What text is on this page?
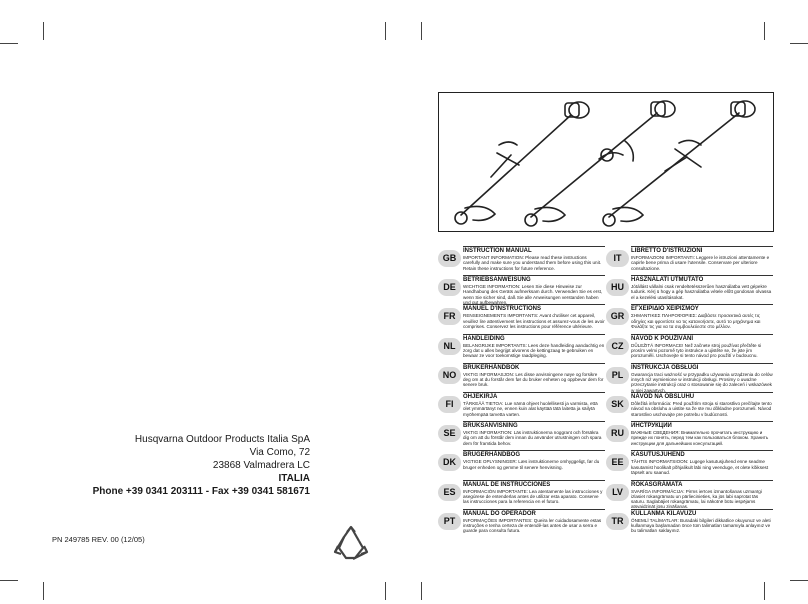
Husqvarna Outdoor Products Italia SpA
Via Como, 72
23868 Valmadrera LC
ITALIA
Phone +39 0341 203111 - Fax +39 0341 581671
PN 249785 REV. 00 (12/05)
GB
INSTRUCTION MANUAL
IMPORTANT INFORMATION: Please read these instructions carefully and make sure you understand them before using this unit. Retain these instructions for future reference.
DE
BETRIEBSANWEISUNG
WICHTIGE INFORMATION: Lesen Sie diese Hinweise zur Handhabung des Geräts aufmerksam durch. Verwenden Sie es erst, wenn Sie sicher sind, daß Sie alle Anweisungen verstanden haben und gut aufbewahren.
FR
MANUEL D'INSTRUCTIONS
RENSEIGNEMENTS IMPORTANTS: Avant d'utiliser cet appareil, veuillez lire attentivement les instructions et assurez-vous de les avoir comprises. Conservez les instructions pour référence ultérieure.
NL
HANDLEIDING
BELANGRIJKE IMPORTANTS: Lees deze handleiding aandachtig en zorg dat u alles begrijpt alvorens de kettingzaag te gebruiken en bewaar ze voor toekomstige raadpleging.
NO
BRUKERHÅNDBOK
VIKTIG INFORMASJON: Les disse anvisningene nøye og forsikre deg om at du forstår dem før du bruker enheten og oppbevar dem for senere bruk.
FI
OHJEKIRJA
TÄRKEÄÄ TIETOA: Lue nämä ohjeet huolellisesti ja varmista, että olet ymmärtänyt ne, ennen kuin alat käyttää tätä laitetta ja säilytä myöhempää tarvetta varten.
SE
BRUKSANVISNING
VIKTIG INFORMATION: Läs instruktionerna noggrant och försäkra dig om att du förstår dem innan du använder utrustningen och spara dem för framtida behov.
DK
BRUGERHÅNDBOG
VIGTIGE OPLYSNINGER: Læs instruktionerne omhyggeligt, før du bruger enheden og gemme til senere henvisning.
ES
MANUAL DE INSTRUCCIONES
INFORMACIÓN IMPORTANTE: Lea atentamente las instrucciones y asegúrese de entenderlas antes de utilizar esta aparato. Conserve las instrucciones para la referencia en el futuro.
PT
MANUAL DO OPERADOR
INFORMAÇÕES IMPORTANTES: Queira ler cuidadosamente estas instruções e tenha certeza de entendê-las antes de usar a serra e guarde para consulta futura.
IT
LIBRETTO D'ISTRUZIONI
INFORMAZIONI IMPORTANTI: Leggere le istruzioni attentamente e capirle bene prima di usare l'utensile. Conservare per ulteriore consultazione.
HU
HASZNÁLATI UTMUTATÓ
Jótállást vállalni csak rendeltetésszerűen használatba vett gépekre tudunk. Kérj ü hogy a gép használatba vétele előtt gondosan olvassa el a kezelési utasításokat.
GR
ΕΓΧΕΙΡΙΔΙΟ ΧΕΙΡΙΣΜΟΥ
ΣΗΜΑΝΤΙΚΕΣ ΠΛΗΡΟΦΟΡΙΕΣ: Διαβάστε προσεκτικά αυτές τις οδηγίες και φροντίστε να τις κατανοήσετε, αυτό το μηχάνημα και Φυλάξτε τις για να τα συμβουλεύεστε στο μέλλον.
CZ
NÁVOD K POUŽÍVÁNÍ
DŮLEŽITÁ INFORMACE! Než začnete stroj používat přečtěte si prosím velmi pozorně tyto instrukce a ujistěte se, že jste jim porozuměli. Uschovejte si tento návod pro použití v budoucnu.
PL
INSTRUKCJA OBSŁUGI
Gwarancja traci ważność w przypadku używania urządzenia do celów innych niż wymienione w instrukcji obsługi. Prosimy o uważne przeczytanie instrukcji oraz o stosowanie się do zaleceń i wskazówek w niej zawartych.
SK
NÁVOD NA OBSLUHU
Dôležitá informácia: Pred použitím stroja si starostlivo prečítajte tento návod na obsluhu a uistite sa že ste mu dôkladne porozumeli. Návod starostlivo uschovajte pre potrebu v budúcnosti.
RU
ИНСТРУКЦИИ
ВАЖНЫЕ СВЕДЕНИЯ: Внимательно прочитать инструкцию и прежде их понять, перед тем как пользоваться блоком. Хранить инструкции для дальнейших консультаций.
EE
KASUTUSJUHEND
TÄHTIS INFORMATSIOON: Lugege kasutusjuhend enne seadme kasutamist hoolikalt põhjalikult läbi ning veenduge, et olete kõiksest täpselt aru saanud.
LV
ROKASGRĀMATA
SVARĪGA INFORMĀCIJA: Pirms ierīces izmantošanas uzmanīgi izlasiet rokasgrāmatu un pārliecinieties, ka jūs labi saprotat tās saturu. Saglabājiet rokasgrāmatu, lai nākotnē būtu iespējams atsvaidzināt jūsu zināšanas.
TR
KULLANMA KILAVUZU
ÖNEMLİ TALİMATLAR: Buradaki bilgileri dikkatlice okuyunuz ve aleti kullanmaya başlamadan önce tüm talimatları tamamıyla anlayınız ve bu talimatları saklayınız.
